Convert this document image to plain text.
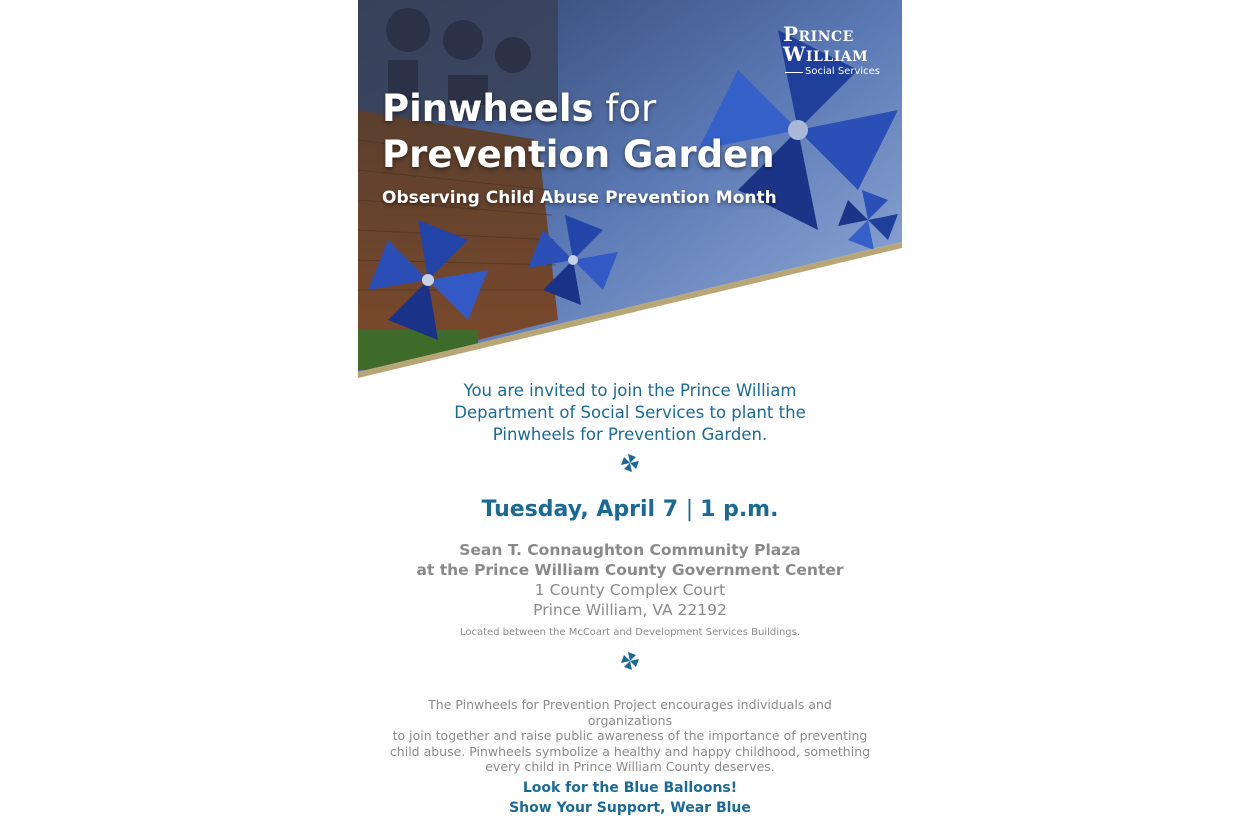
Prince
William
Social Services
Pinwheels for
Prevention Garden
Observing Child Abuse Prevention Month
You are invited to join the Prince William
Department of Social Services to plant the
Pinwheels for Prevention Garden.
Tuesday, April 7 | 1 p.m.
Sean T. Connaughton Community Plaza
at the Prince William County Government Center
1 County Complex Court
Prince William, VA 22192
Located between the McCoart and Development Services Buildings.
The Pinwheels for Prevention Project encourages individuals and organizations
to join together and raise public awareness of the importance of preventing
child abuse. Pinwheels symbolize a healthy and happy childhood, something
every child in Prince William County deserves.
Look for the Blue Balloons!
Show Your Support, Wear Blue
